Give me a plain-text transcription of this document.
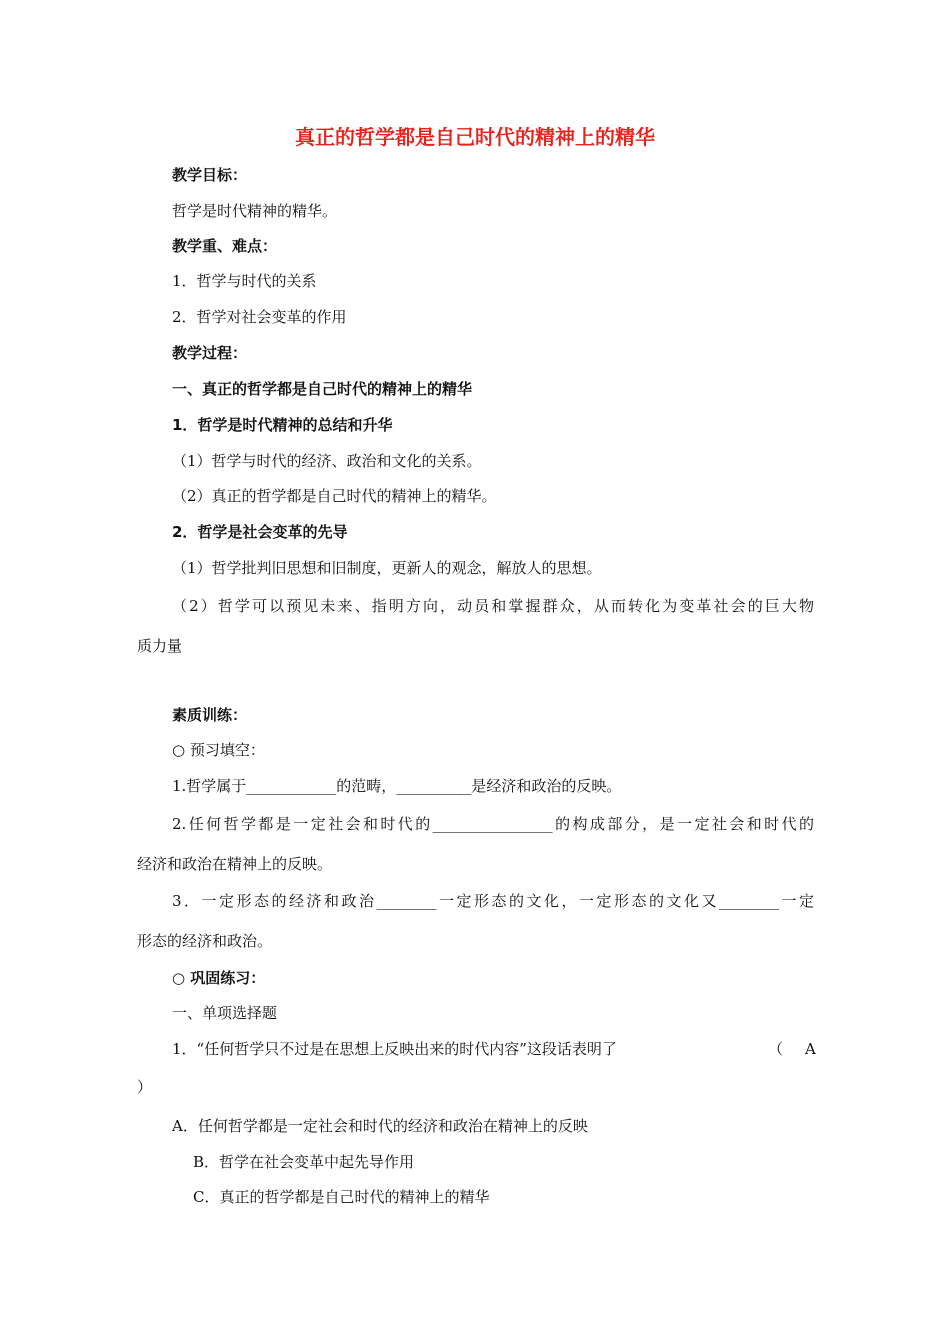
真正的哲学都是自己时代的精神上的精华
教学目标：
哲学是时代精神的精华。
教学重、难点：
1．哲学与时代的关系
2．哲学对社会变革的作用
教学过程：
一、真正的哲学都是自己时代的精神上的精华
1．哲学是时代精神的总结和升华
（1）哲学与时代的经济、政治和文化的关系。
（2）真正的哲学都是自己时代的精神上的精华。
2．哲学是社会变革的先导
（1）哲学批判旧思想和旧制度，更新人的观念，解放人的思想。
（2）哲学可以预见未来、指明方向，动员和掌握群众，从而转化为变革社会的巨大物
质力量
素质训练：
○ 预习填空：
1.哲学属于____________的范畴，__________是经济和政治的反映。
2.任何哲学都是一定社会和时代的________________的构成部分，是一定社会和时代的
经济和政治在精神上的反映。
3．一定形态的经济和政治________一定形态的文化，一定形态的文化又________一定
形态的经济和政治。
○ 巩固练习：
一、单项选择题
1．“任何哲学只不过是在思想上反映出来的时代内容”这段话表明了	（ A
）
A．任何哲学都是一定社会和时代的经济和政治在精神上的反映
B．哲学在社会变革中起先导作用
C．真正的哲学都是自己时代的精神上的精华
